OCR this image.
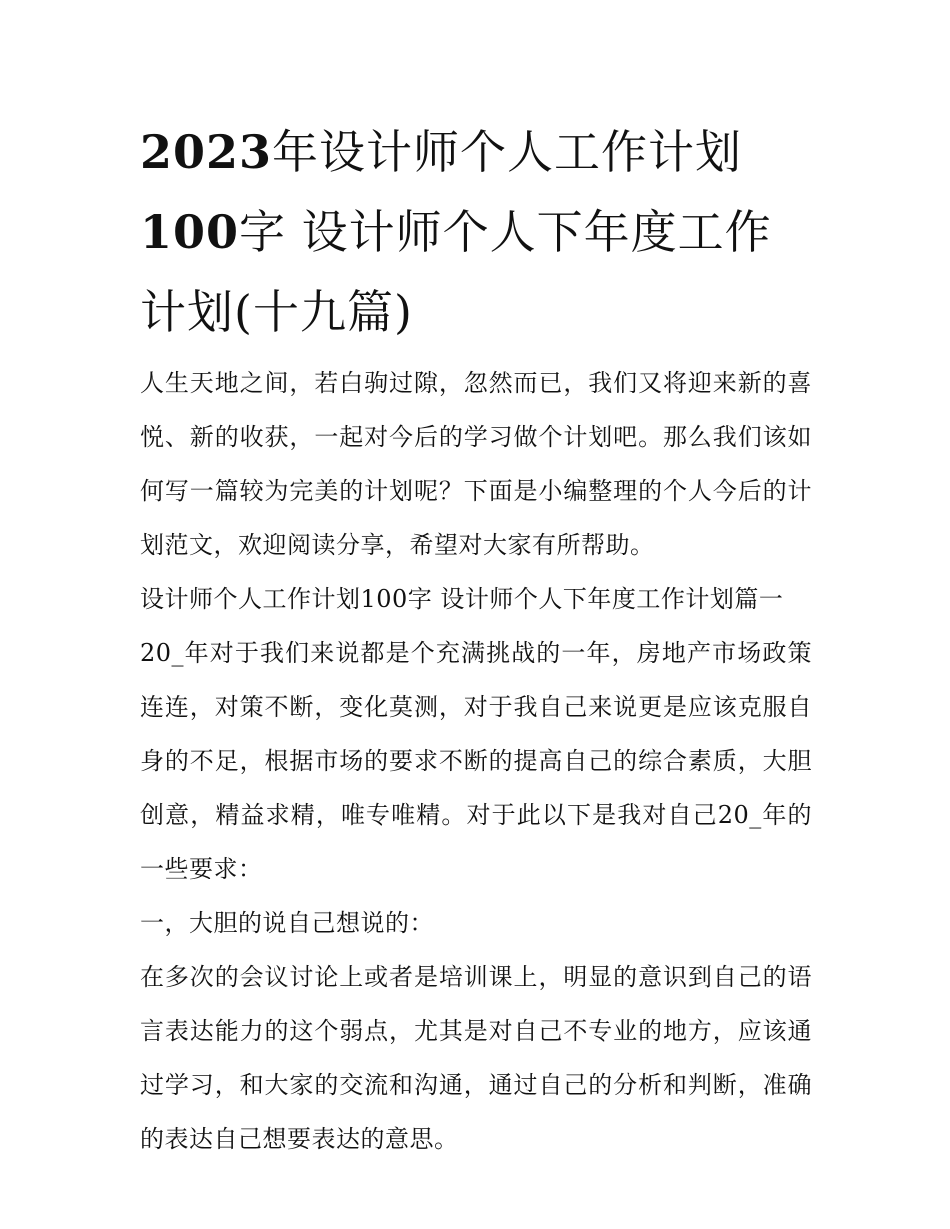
2023年设计师个人工作计划
100字 设计师个人下年度工作
计划(十九篇)

人生天地之间，若白驹过隙，忽然而已，我们又将迎来新的喜悦、新的收获，一起对今后的学习做个计划吧。那么我们该如何写一篇较为完美的计划呢？下面是小编整理的个人今后的计划范文，欢迎阅读分享，希望对大家有所帮助。

设计师个人工作计划100字 设计师个人下年度工作计划篇一

20_年对于我们来说都是个充满挑战的一年，房地产市场政策连连，对策不断，变化莫测，对于我自己来说更是应该克服自身的不足，根据市场的要求不断的提高自己的综合素质，大胆创意，精益求精，唯专唯精。对于此以下是我对自己20_年的一些要求：

一，大胆的说自己想说的：

在多次的会议讨论上或者是培训课上，明显的意识到自己的语言表达能力的这个弱点，尤其是对自己不专业的地方，应该通过学习，和大家的交流和沟通，通过自己的分析和判断，准确的表达自己想要表达的意思。
